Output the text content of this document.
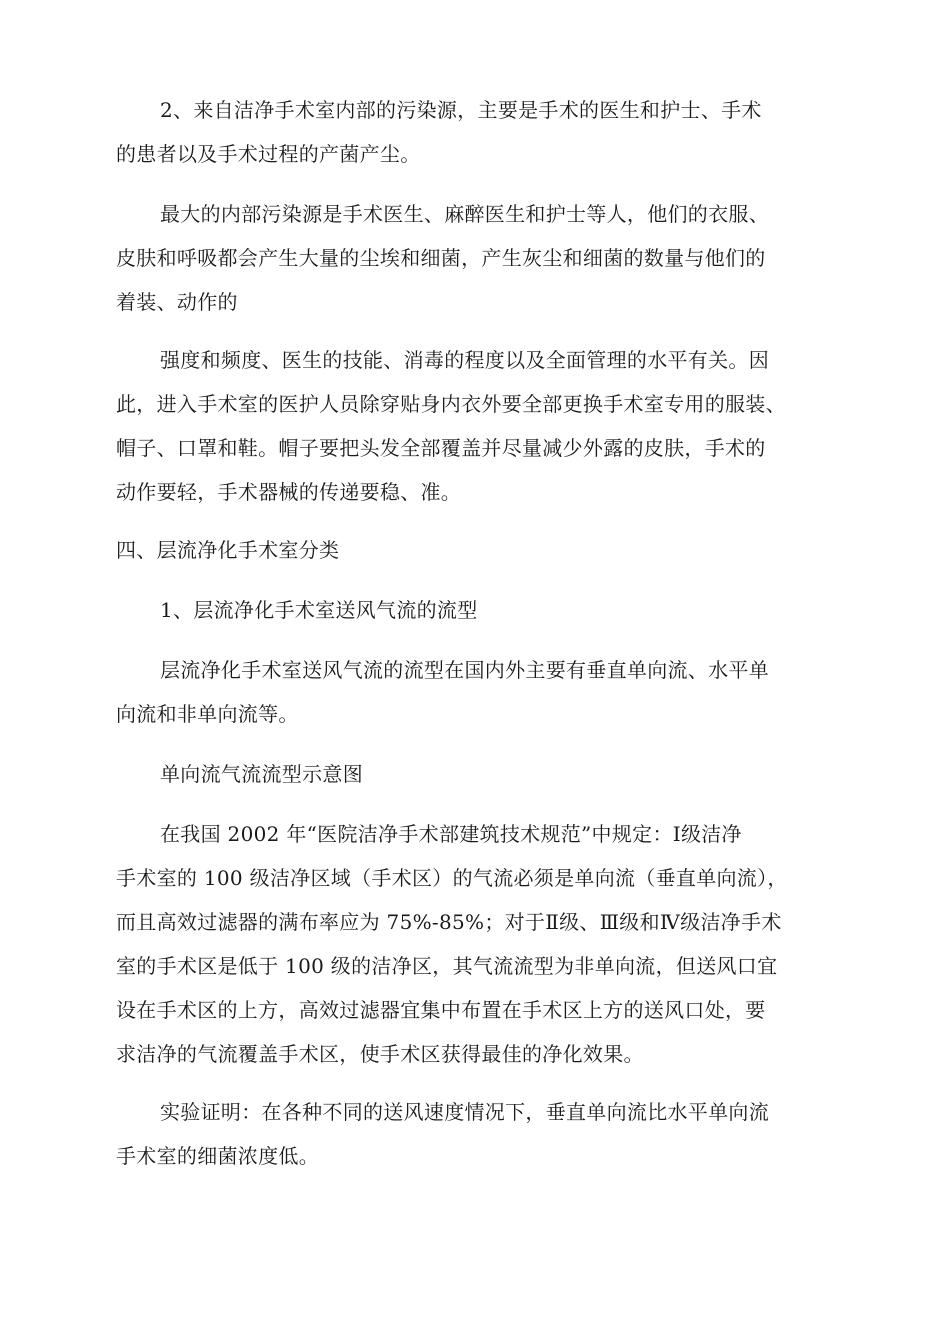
2、来自洁净手术室内部的污染源，主要是手术的医生和护士、手术
的患者以及手术过程的产菌产尘。
最大的内部污染源是手术医生、麻醉医生和护士等人，他们的衣服、
皮肤和呼吸都会产生大量的尘埃和细菌，产生灰尘和细菌的数量与他们的
着装、动作的
强度和频度、医生的技能、消毒的程度以及全面管理的水平有关。因
此，进入手术室的医护人员除穿贴身内衣外要全部更换手术室专用的服装、
帽子、口罩和鞋。帽子要把头发全部覆盖并尽量减少外露的皮肤，手术的
动作要轻，手术器械的传递要稳、准。
四、层流净化手术室分类
1、层流净化手术室送风气流的流型
层流净化手术室送风气流的流型在国内外主要有垂直单向流、水平单
向流和非单向流等。
单向流气流流型示意图
在我国 2002 年“医院洁净手术部建筑技术规范”中规定：Ⅰ级洁净
手术室的 100 级洁净区域（手术区）的气流必须是单向流（垂直单向流），
而且高效过滤器的满布率应为 75%-85%；对于Ⅱ级、Ⅲ级和Ⅳ级洁净手术
室的手术区是低于 100 级的洁净区，其气流流型为非单向流，但送风口宜
设在手术区的上方，高效过滤器宜集中布置在手术区上方的送风口处，要
求洁净的气流覆盖手术区，使手术区获得最佳的净化效果。
实验证明：在各种不同的送风速度情况下，垂直单向流比水平单向流
手术室的细菌浓度低。
